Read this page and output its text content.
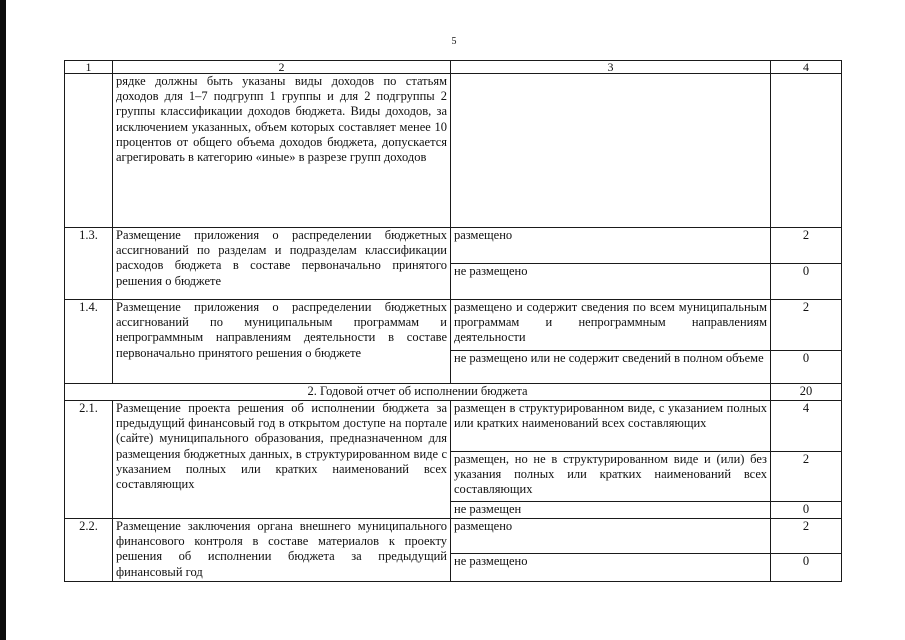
5
1	2	3	4
	рядке должны быть указаны виды доходов по статьям доходов для 1–7 подгрупп 1 группы и для 2 подгруппы 2 группы классификации доходов бюджета. Виды доходов, за исключением указанных, объем которых составляет менее 10 процентов от общего объема доходов бюджета, допускается агрегировать в категорию «иные» в разрезе групп доходов		
1.3.	Размещение приложения о распределении бюджетных ассигнований по разделам и подразделам классификации расходов бюджета в составе первоначально принятого решения о бюджете	размещено	2
		не размещено	0
1.4.	Размещение приложения о распределении бюджетных ассигнований по муниципальным программам и непрограммным направлениям деятельности в составе первоначально принятого решения о бюджете	размещено и содержит сведения по всем муниципальным программам и непрограммным направлениям деятельности	2
		не размещено или не содержит сведений в полном объеме	0
2. Годовой отчет об исполнении бюджета			20
2.1.	Размещение проекта решения об исполнении бюджета за предыдущий финансовый год в открытом доступе на портале (сайте) муниципального образования, предназначенном для размещения бюджетных данных, в структурированном виде с указанием полных или кратких наименований всех составляющих	размещен в структурированном виде, с указанием полных или кратких наименований всех составляющих	4
		размещен, но не в структурированном виде и (или) без указания полных или кратких наименований всех составляющих	2
		не размещен	0
2.2.	Размещение заключения органа внешнего муниципального финансового контроля в составе материалов к проекту решения об исполнении бюджета за предыдущий финансовый год	размещено	2
		не размещено	0
